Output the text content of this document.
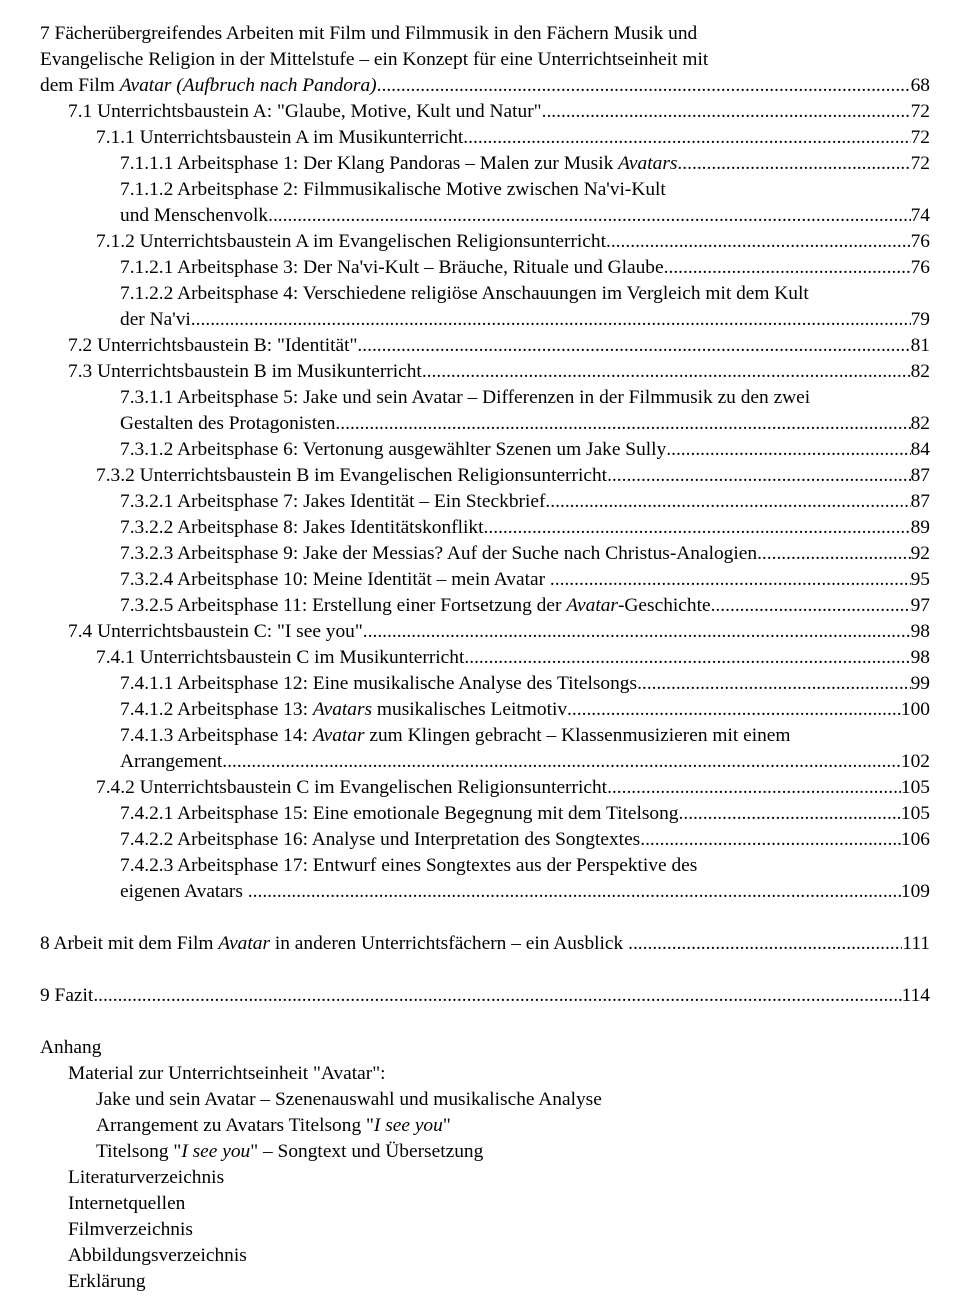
7 Fächerübergreifendes Arbeiten mit Film und Filmmusik in den Fächern Musik und
Evangelische Religion in der Mittelstufe – ein Konzept für eine Unterrichtseinheit mit
dem Film Avatar (Aufbruch nach Pandora) .....	68
7.1 Unterrichtsbaustein A: "Glaube, Motive, Kult und Natur" .....	72
7.1.1 Unterrichtsbaustein A im Musikunterricht .....	72
7.1.1.1 Arbeitsphase 1: Der Klang Pandoras – Malen zur Musik Avatars .....	72
7.1.1.2 Arbeitsphase 2: Filmmusikalische Motive zwischen Na'vi-Kult
und Menschenvolk .....	74
7.1.2 Unterrichtsbaustein A im Evangelischen Religionsunterricht .....	76
7.1.2.1 Arbeitsphase 3: Der Na'vi-Kult – Bräuche, Rituale und Glaube .....	76
7.1.2.2 Arbeitsphase 4: Verschiedene religiöse Anschauungen im Vergleich mit dem Kult
der Na'vi .....	79
7.2 Unterrichtsbaustein B: "Identität" .....	81
7.3 Unterrichtsbaustein B im Musikunterricht .....	82
7.3.1.1 Arbeitsphase 5: Jake und sein Avatar – Differenzen in der Filmmusik zu den zwei
Gestalten des Protagonisten. .....	82
7.3.1.2 Arbeitsphase 6: Vertonung ausgewählter Szenen um Jake Sully .....	84
7.3.2 Unterrichtsbaustein B im Evangelischen Religionsunterricht .....	87
7.3.2.1 Arbeitsphase 7: Jakes Identität – Ein Steckbrief .....	87
7.3.2.2 Arbeitsphase 8: Jakes Identitätskonflikt .....	89
7.3.2.3 Arbeitsphase 9: Jake der Messias? Auf der Suche nach Christus-Analogien .....	92
7.3.2.4 Arbeitsphase 10: Meine Identität – mein Avatar .....	95
7.3.2.5 Arbeitsphase 11: Erstellung einer Fortsetzung der Avatar-Geschichte .....	97
7.4 Unterrichtsbaustein C: "I see you" .....	98
7.4.1 Unterrichtsbaustein C im Musikunterricht .....	98
7.4.1.1 Arbeitsphase 12: Eine musikalische Analyse des Titelsongs .....	99
7.4.1.2 Arbeitsphase 13: Avatars musikalisches Leitmotiv .....	100
7.4.1.3 Arbeitsphase 14: Avatar zum Klingen gebracht – Klassenmusizieren mit einem
Arrangement .....	102
7.4.2 Unterrichtsbaustein C im Evangelischen Religionsunterricht .....	105
7.4.2.1 Arbeitsphase 15: Eine emotionale Begegnung mit dem Titelsong .....	105
7.4.2.2 Arbeitsphase 16: Analyse und Interpretation des Songtextes .....	106
7.4.2.3 Arbeitsphase 17: Entwurf eines Songtextes aus der Perspektive des
eigenen Avatars .....	109
8 Arbeit mit dem Film Avatar in anderen Unterrichtsfächern – ein Ausblick .....	111
9 Fazit .....	114
Anhang
Material zur Unterrichtseinheit "Avatar":
Jake und sein Avatar – Szenenauswahl und musikalische Analyse
Arrangement zu Avatars Titelsong "I see you"
Titelsong "I see you" – Songtext und Übersetzung
Literaturverzeichnis
Internetquellen
Filmverzeichnis
Abbildungsverzeichnis
Erklärung
